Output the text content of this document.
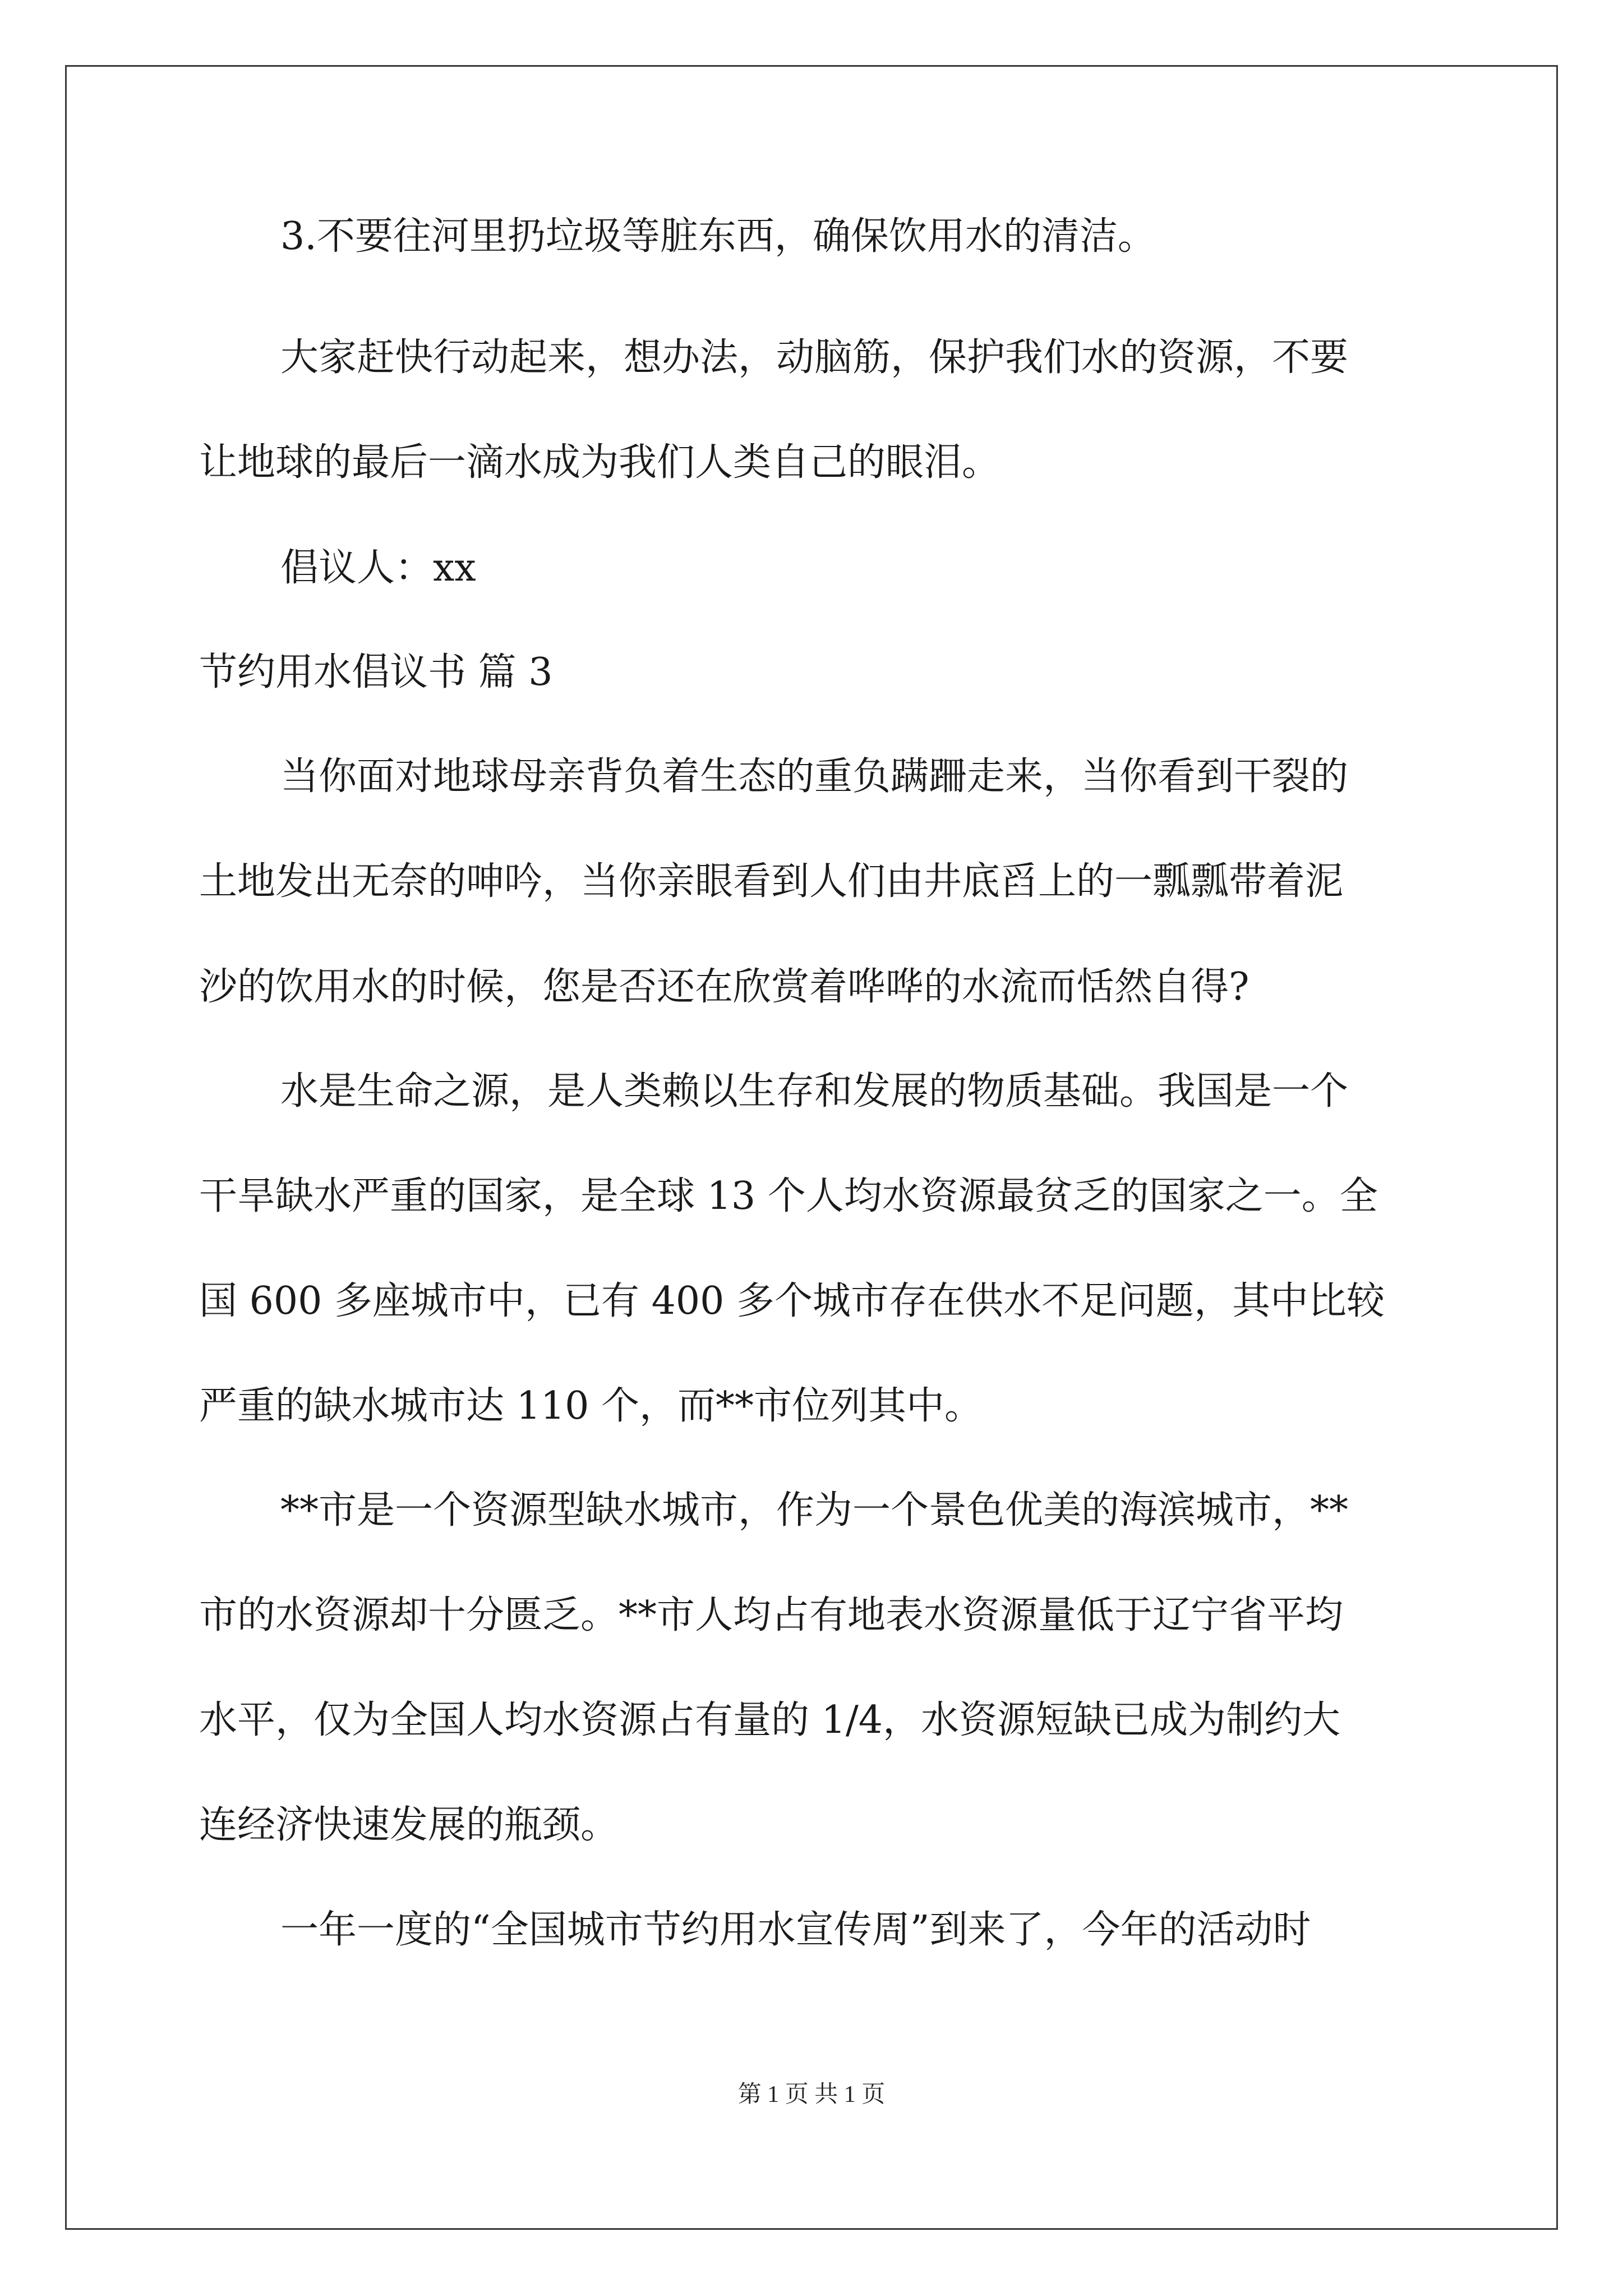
3.不要往河里扔垃圾等脏东西，确保饮用水的清洁。
大家赶快行动起来，想办法，动脑筋，保护我们水的资源，不要
让地球的最后一滴水成为我们人类自己的眼泪。
倡议人：xx
节约用水倡议书 篇 3
当你面对地球母亲背负着生态的重负蹒跚走来，当你看到干裂的
土地发出无奈的呻吟，当你亲眼看到人们由井底舀上的一瓢瓢带着泥
沙的饮用水的时候，您是否还在欣赏着哗哗的水流而恬然自得?
水是生命之源，是人类赖以生存和发展的物质基础。我国是一个
干旱缺水严重的国家，是全球 13 个人均水资源最贫乏的国家之一。全
国 600 多座城市中，已有 400 多个城市存在供水不足问题，其中比较
严重的缺水城市达 110 个，而**市位列其中。
**市是一个资源型缺水城市，作为一个景色优美的海滨城市，**
市的水资源却十分匮乏。**市人均占有地表水资源量低于辽宁省平均
水平，仅为全国人均水资源占有量的 1/4，水资源短缺已成为制约大
连经济快速发展的瓶颈。
一年一度的“全国城市节约用水宣传周”到来了，今年的活动时
第 1 页 共 1 页
